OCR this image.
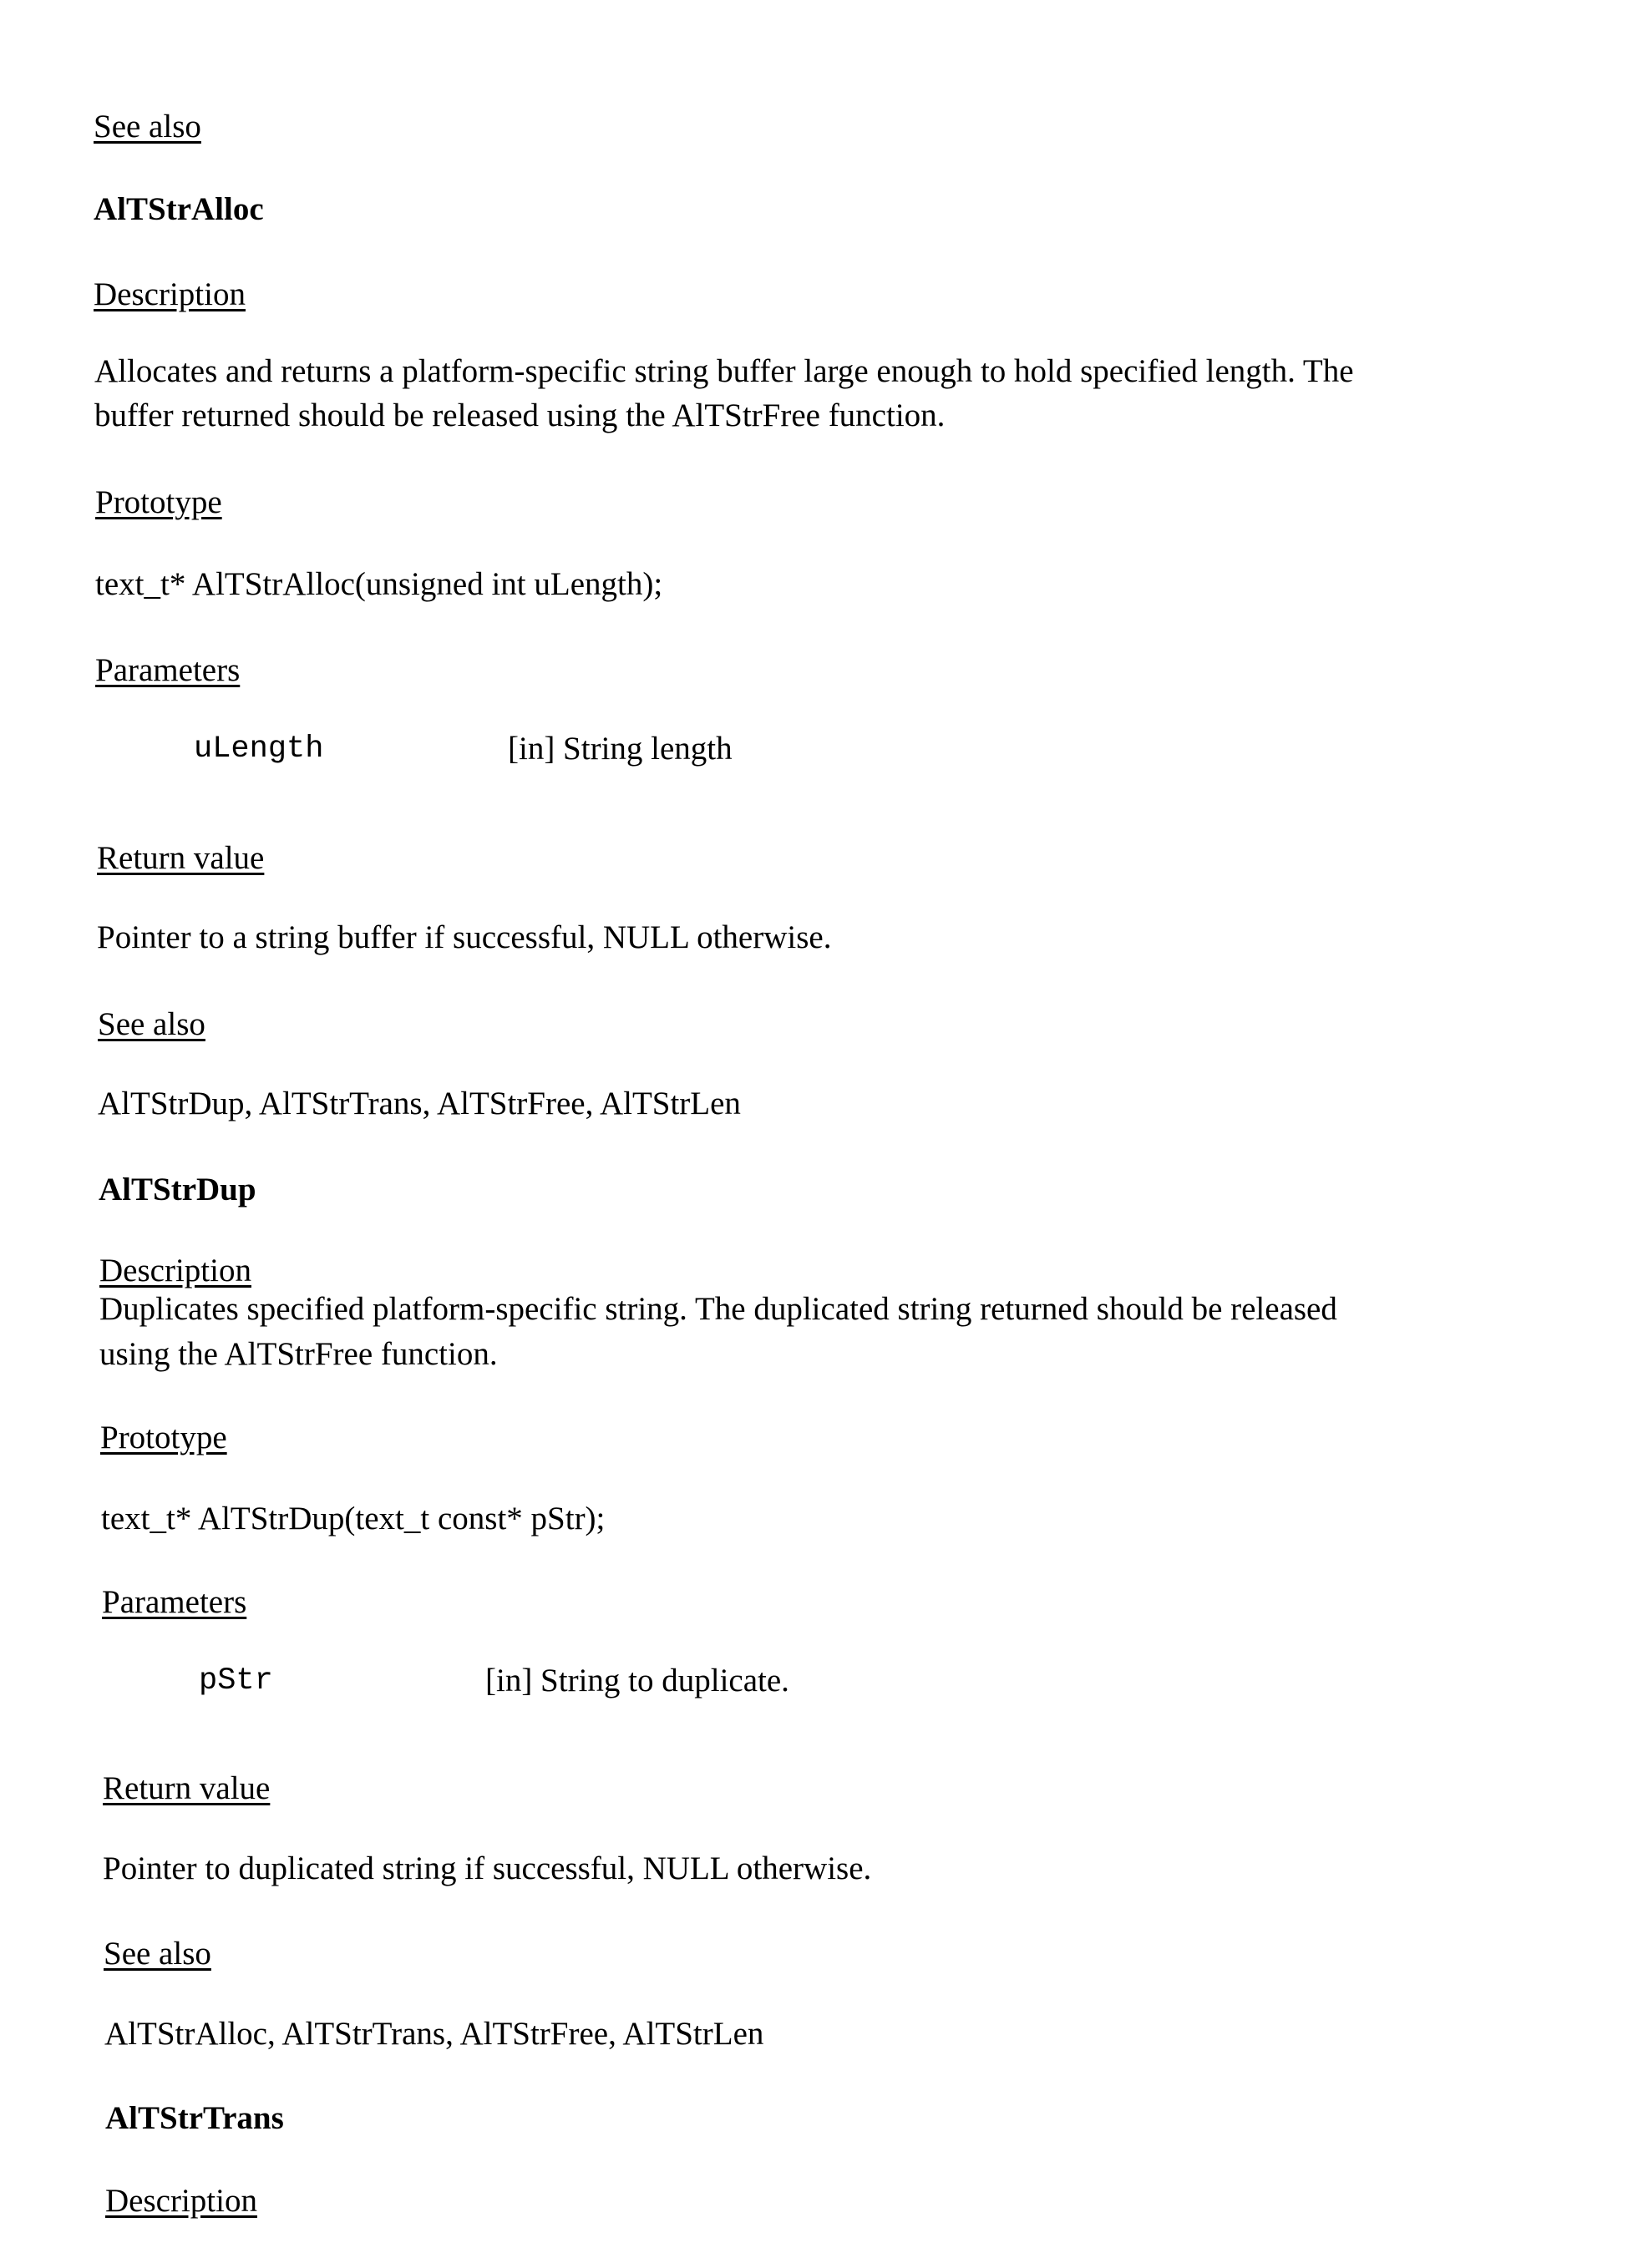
See also
AlTStrAlloc
Description
Allocates and returns a platform-specific string buffer large enough to hold specified length. The
buffer returned should be released using the AlTStrFree function.
Prototype
text_t* AlTStrAlloc(unsigned int uLength);
Parameters
uLength	[in] String length
Return value
Pointer to a string buffer if successful, NULL otherwise.
See also
AlTStrDup, AlTStrTrans, AlTStrFree, AlTStrLen
AlTStrDup
Description
Duplicates specified platform-specific string. The duplicated string returned should be released
using the AlTStrFree function.
Prototype
text_t* AlTStrDup(text_t const* pStr);
Parameters
pStr	[in] String to duplicate.
Return value
Pointer to duplicated string if successful, NULL otherwise.
See also
AlTStrAlloc, AlTStrTrans, AlTStrFree, AlTStrLen
AlTStrTrans
Description
